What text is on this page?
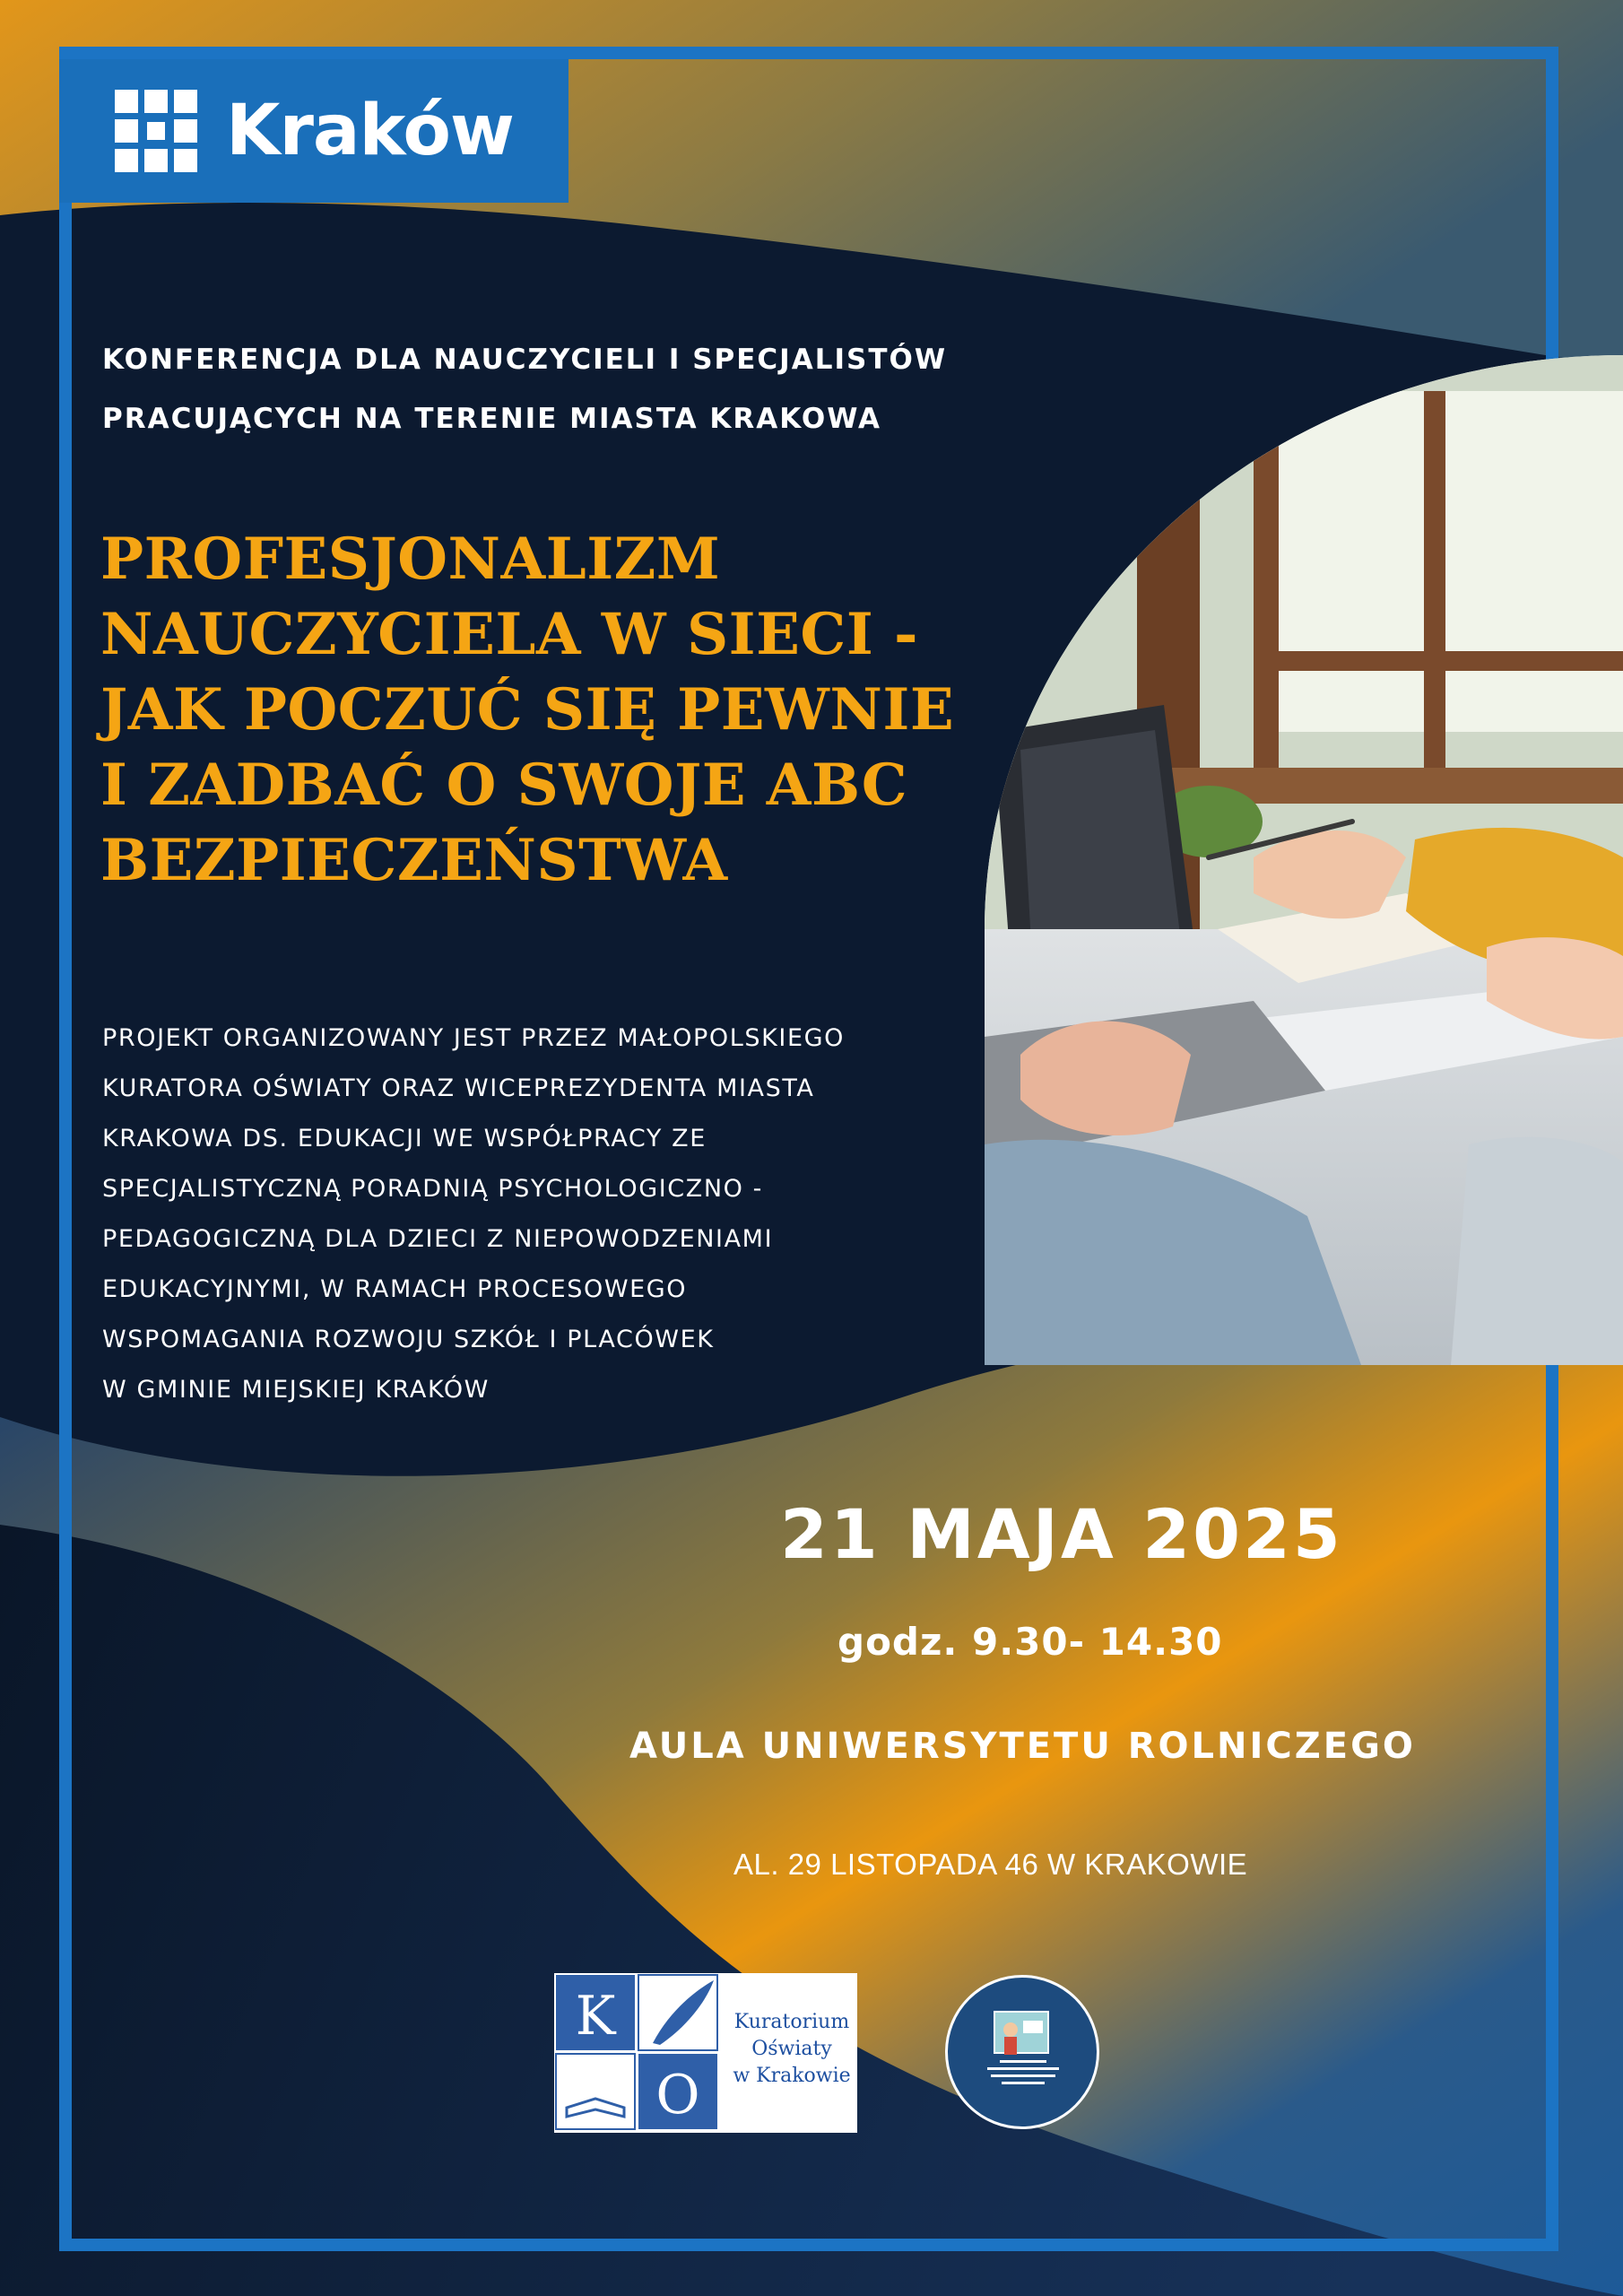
Kraków

KONFERENCJA DLA NAUCZYCIELI I SPECJALISTÓW
PRACUJĄCYCH NA TERENIE MIASTA KRAKOWA

PROFESJONALIZM
NAUCZYCIELA W SIECI -
JAK POCZUĆ SIĘ PEWNIE
I ZADBAĆ O SWOJE ABC
BEZPIECZEŃSTWA

PROJEKT ORGANIZOWANY JEST PRZEZ MAŁOPOLSKIEGO
KURATORA OŚWIATY ORAZ WICEPREZYDENTA MIASTA
KRAKOWA DS. EDUKACJI WE WSPÓŁPRACY ZE
SPECJALISTYCZNĄ PORADNIĄ PSYCHOLOGICZNO -
PEDAGOGICZNĄ DLA DZIECI Z NIEPOWODZENIAMI
EDUKACYJNYMI, W RAMACH PROCESOWEGO
WSPOMAGANIA ROZWOJU SZKÓŁ I PLACÓWEK
W GMINIE MIEJSKIEJ KRAKÓW

21 MAJA 2025

godz. 9.30- 14.30

AULA UNIWERSYTETU ROLNICZEGO

AL. 29 LISTOPADA 46 W KRAKOWIE

K
O
Kuratorium
Oświaty
w Krakowie
